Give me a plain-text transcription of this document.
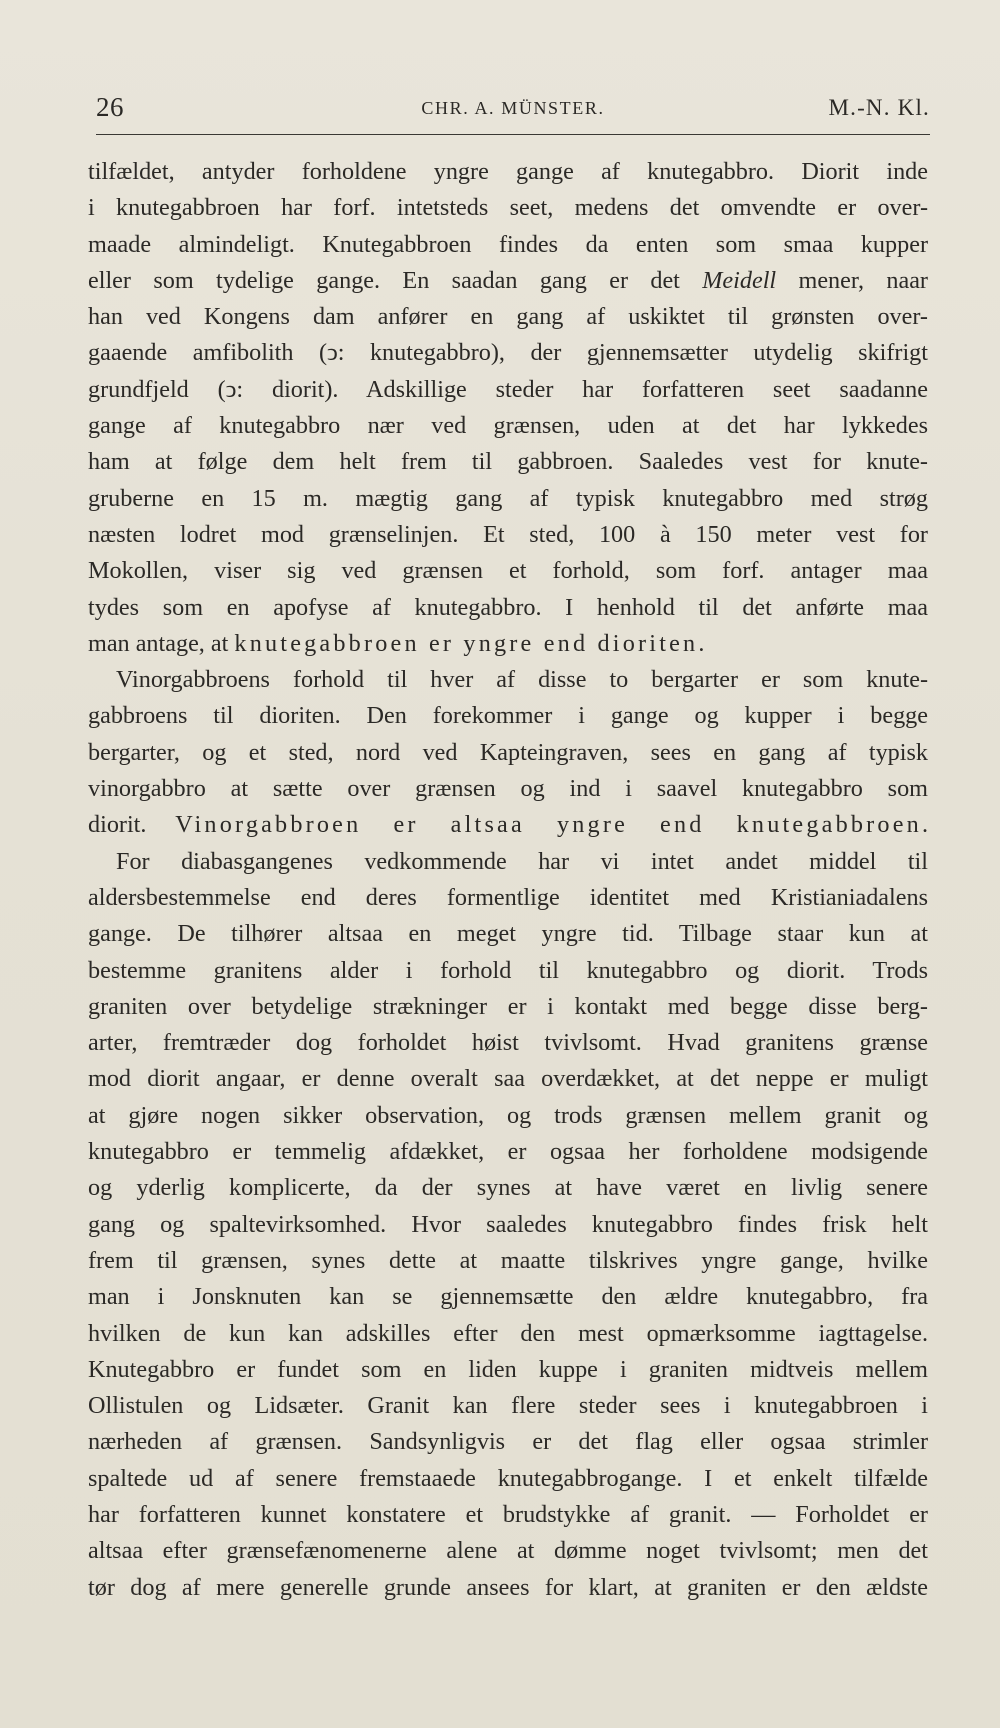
26	CHR. A. MÜNSTER.	M.-N. Kl.
tilfældet, antyder forholdene yngre gange af knutegabbro. Diorit inde
i knutegabbroen har forf. intetsteds seet, medens det omvendte er over-
maade almindeligt. Knutegabbroen findes da enten som smaa kupper
eller som tydelige gange. En saadan gang er det Meidell mener, naar
han ved Kongens dam anfører en gang af uskiktet til grønsten over-
gaaende amfibolith (ↄ: knutegabbro), der gjennemsætter utydelig skifrigt
grundfjeld (ↄ: diorit). Adskillige steder har forfatteren seet saadanne
gange af knutegabbro nær ved grænsen, uden at det har lykkedes
ham at følge dem helt frem til gabbroen. Saaledes vest for knute-
gruberne en 15 m. mægtig gang af typisk knutegabbro med strøg
næsten lodret mod grænselinjen. Et sted, 100 à 150 meter vest for
Mokollen, viser sig ved grænsen et forhold, som forf. antager maa
tydes som en apofyse af knutegabbro. I henhold til det anførte maa
man antage, at knutegabbroen er yngre end dioriten.
Vinorgabbroens forhold til hver af disse to bergarter er som knute-
gabbroens til dioriten. Den forekommer i gange og kupper i begge
bergarter, og et sted, nord ved Kapteingraven, sees en gang af typisk
vinorgabbro at sætte over grænsen og ind i saavel knutegabbro som
diorit. Vinorgabbroen er altsaa yngre end knutegabbroen.
For diabasgangenes vedkommende har vi intet andet middel til
aldersbestemmelse end deres formentlige identitet med Kristianiadalens
gange. De tilhører altsaa en meget yngre tid. Tilbage staar kun at
bestemme granitens alder i forhold til knutegabbro og diorit. Trods
graniten over betydelige strækninger er i kontakt med begge disse berg-
arter, fremtræder dog forholdet høist tvivlsomt. Hvad granitens grænse
mod diorit angaar, er denne overalt saa overdækket, at det neppe er muligt
at gjøre nogen sikker observation, og trods grænsen mellem granit og
knutegabbro er temmelig afdækket, er ogsaa her forholdene modsigende
og yderlig komplicerte, da der synes at have været en livlig senere
gang og spaltevirksomhed. Hvor saaledes knutegabbro findes frisk helt
frem til grænsen, synes dette at maatte tilskrives yngre gange, hvilke
man i Jonsknuten kan se gjennemsætte den ældre knutegabbro, fra
hvilken de kun kan adskilles efter den mest opmærksomme iagttagelse.
Knutegabbro er fundet som en liden kuppe i graniten midtveis mellem
Ollistulen og Lidsæter. Granit kan flere steder sees i knutegabbroen i
nærheden af grænsen. Sandsynligvis er det flag eller ogsaa strimler
spaltede ud af senere fremstaaede knutegabbrogange. I et enkelt tilfælde
har forfatteren kunnet konstatere et brudstykke af granit. — Forholdet er
altsaa efter grænsefænomenerne alene at dømme noget tvivlsomt; men det
tør dog af mere generelle grunde ansees for klart, at graniten er den ældste
